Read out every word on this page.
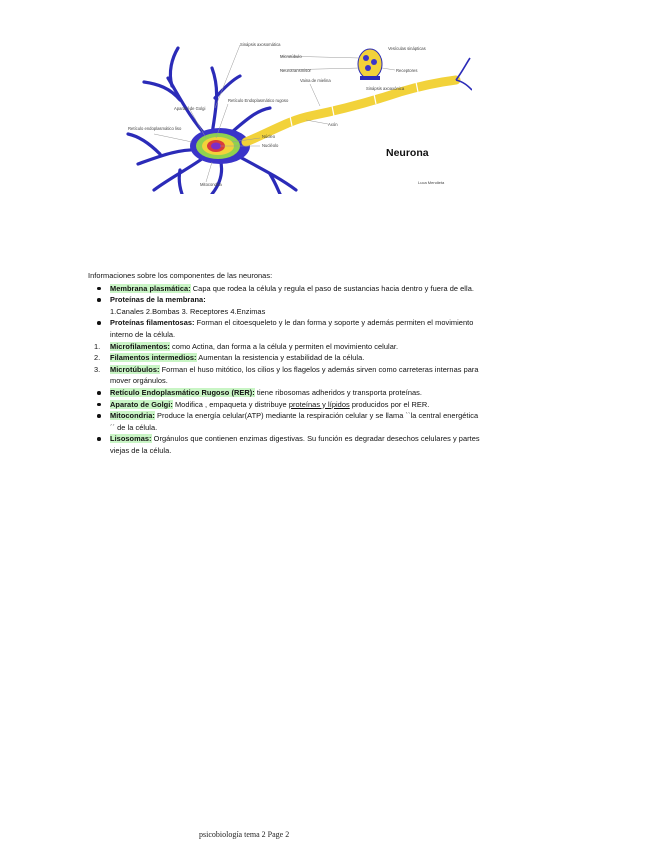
Sinápsis axosomática
Microtúbulo
Neurotransmisor
Vesículas sinápticas
Receptores
Vaina de mielina
Sinápsis axoaxónica
Retículo Endoplasmático rugoso
Aparato de Golgi
Retículo endoplasmático liso
Axón
Núcleo
Nucléolo
Mitocondria	Luca Mendieta
Neurona

Informaciones sobre los componentes de las neuronas:

Membrana plasmática: Capa que rodea la célula y regula el paso de sustancias hacia dentro y fuera de ella.
Proteínas de la membrana:
1.Canales 2.Bombas 3. Receptores 4.Enzimas
Proteínas filamentosas: Forman el citoesqueleto y le dan forma y soporte y además permiten el movimiento interno de la célula.
1.	Microfilamentos: como Actina, dan forma a la célula y permiten el movimiento celular.
2.	Filamentos intermedios: Aumentan la resistencia y estabilidad de la célula.
3.	Microtúbulos: Forman el huso mitótico, los cilios y los flagelos y además sirven como carreteras internas para mover orgánulos.
Retículo Endoplasmático Rugoso (RER): tiene ribosomas adheridos y transporta proteínas.
Aparato de Golgi: Modifica , empaqueta y distribuye proteínas y lípidos producidos por el RER.
Mitocondria: Produce la energía celular(ATP) mediante la respiración celular y se llama ``la central energética´´ de la célula.
Lisosomas: Orgánulos que contienen enzimas digestivas. Su función es degradar desechos celulares y partes viejas de la célula.
psicobiología tema 2 Page 2
